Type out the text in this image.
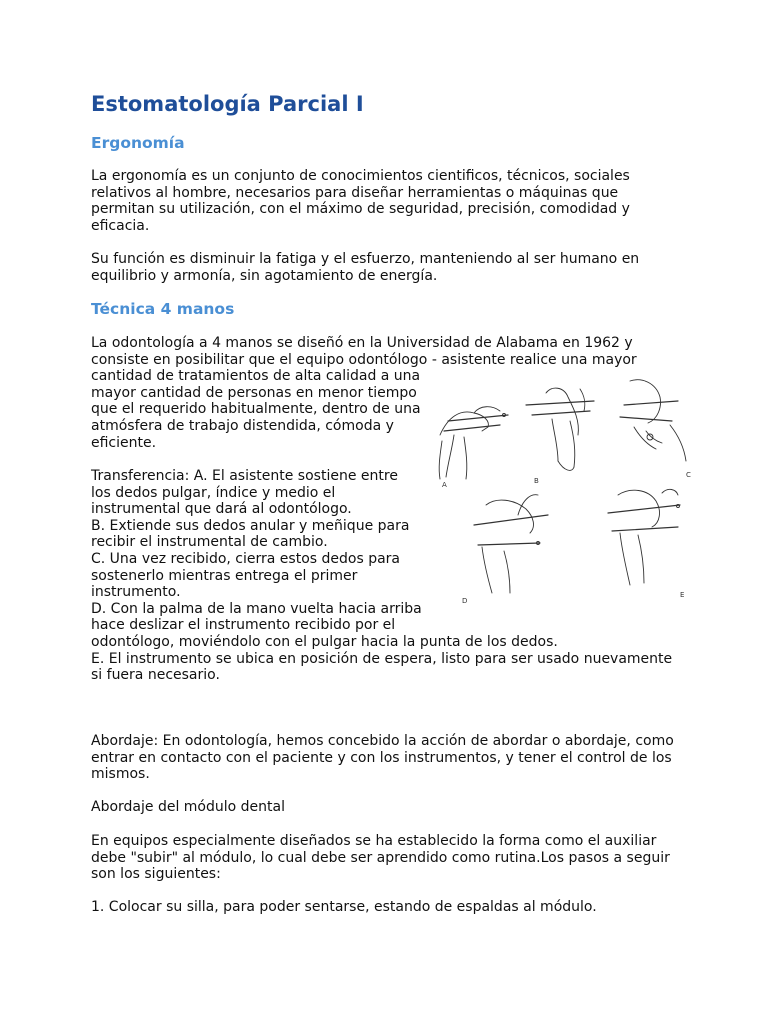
Estomatología Parcial I
Ergonomía
La ergonomía es un conjunto de conocimientos cientificos, técnicos, sociales
relativos al hombre, necesarios para diseñar herramientas o máquinas que
permitan su utilización, con el máximo de seguridad, precisión, comodidad y
eficacia.
Su función es disminuir la fatiga y el esfuerzo, manteniendo al ser humano en
equilibrio y armonía, sin agotamiento de energía.
Técnica 4 manos
La odontología a 4 manos se diseñó en la Universidad de Alabama en 1962 y
consiste en posibilitar que el equipo odontólogo - asistente realice una mayor
cantidad de tratamientos de alta calidad a una
mayor cantidad de personas en menor tiempo
que el requerido habitualmente, dentro de una
atmósfera de trabajo distendida, cómoda y
eficiente.
Transferencia: A. El asistente sostiene entre
los dedos pulgar, índice y medio el
instrumental que dará al odontólogo.
B. Extiende sus dedos anular y meñique para
recibir el instrumental de cambio.
C. Una vez recibido, cierra estos dedos para
sostenerlo mientras entrega el primer
instrumento.
D. Con la palma de la mano vuelta hacia arriba
hace deslizar el instrumento recibido por el
odontólogo, moviéndolo con el pulgar hacia la punta de los dedos.
E. El instrumento se ubica en posición de espera, listo para ser usado nuevamente
si fuera necesario.
Abordaje: En odontología, hemos concebido la acción de abordar o abordaje, como
entrar en contacto con el paciente y con los instrumentos, y tener el control de los
mismos.
Abordaje del módulo dental
En equipos especialmente diseñados se ha establecido la forma como el auxiliar
debe "subir" al módulo, lo cual debe ser aprendido como rutina.Los pasos a seguir
son los siguientes:
1. Colocar su silla, para poder sentarse, estando de espaldas al módulo.
A	B
C
D
E
